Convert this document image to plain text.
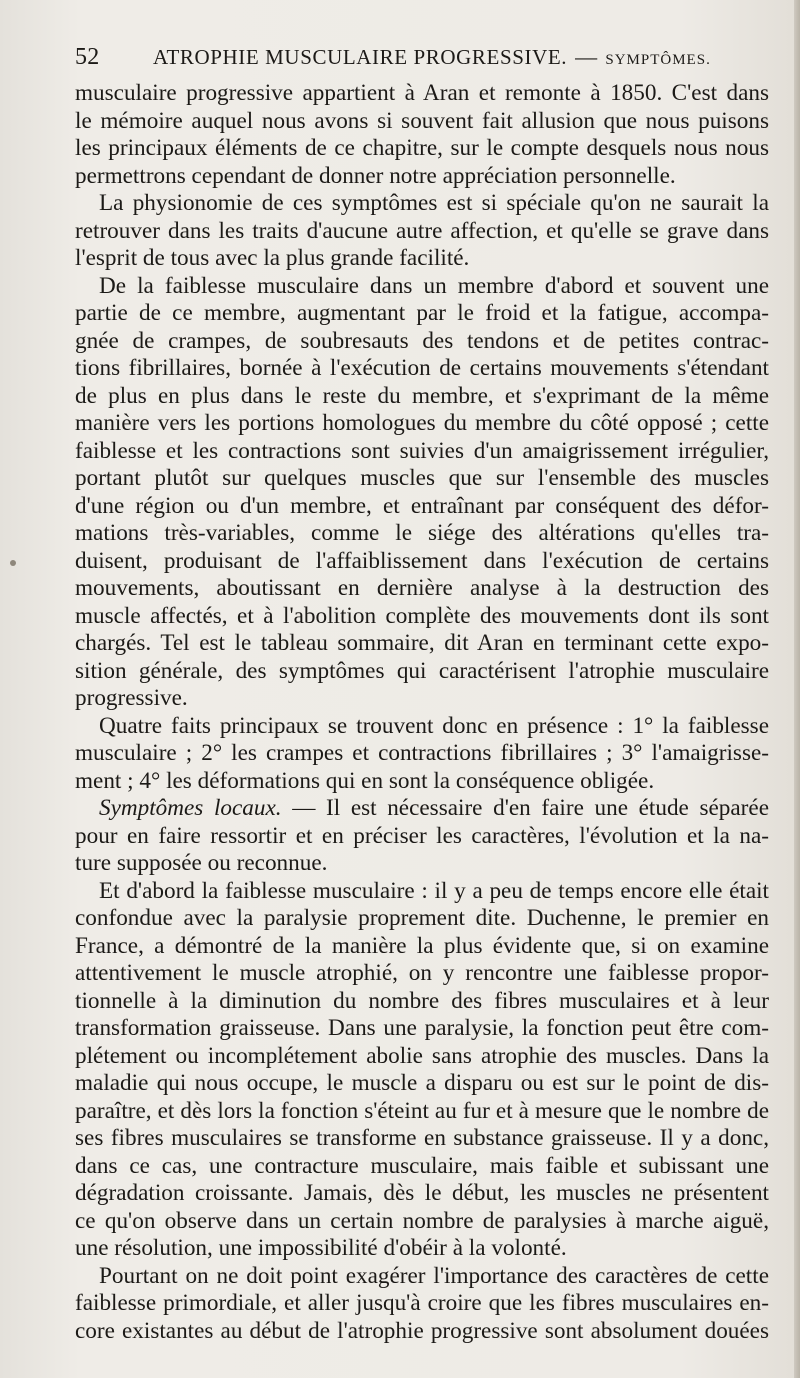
52	ATROPHIE MUSCULAIRE PROGRESSIVE. — SYMPTÔMES.
musculaire progressive appartient à Aran et remonte à 1850. C'est dans
le mémoire auquel nous avons si souvent fait allusion que nous puisons
les principaux éléments de ce chapitre, sur le compte desquels nous nous
permettrons cependant de donner notre appréciation personnelle.
La physionomie de ces symptômes est si spéciale qu'on ne saurait la
retrouver dans les traits d'aucune autre affection, et qu'elle se grave dans
l'esprit de tous avec la plus grande facilité.
De la faiblesse musculaire dans un membre d'abord et souvent une
partie de ce membre, augmentant par le froid et la fatigue, accompa-
gnée de crampes, de soubresauts des tendons et de petites contrac-
tions fibrillaires, bornée à l'exécution de certains mouvements s'étendant
de plus en plus dans le reste du membre, et s'exprimant de la même
manière vers les portions homologues du membre du côté opposé ; cette
faiblesse et les contractions sont suivies d'un amaigrissement irrégulier,
portant plutôt sur quelques muscles que sur l'ensemble des muscles
d'une région ou d'un membre, et entraînant par conséquent des défor-
mations très-variables, comme le siége des altérations qu'elles tra-
duisent, produisant de l'affaiblissement dans l'exécution de certains
mouvements, aboutissant en dernière analyse à la destruction des
muscle affectés, et à l'abolition complète des mouvements dont ils sont
chargés. Tel est le tableau sommaire, dit Aran en terminant cette expo-
sition générale, des symptômes qui caractérisent l'atrophie musculaire
progressive.
Quatre faits principaux se trouvent donc en présence : 1° la faiblesse
musculaire ; 2° les crampes et contractions fibrillaires ; 3° l'amaigrisse-
ment ; 4° les déformations qui en sont la conséquence obligée.
Symptômes locaux. — Il est nécessaire d'en faire une étude séparée
pour en faire ressortir et en préciser les caractères, l'évolution et la na-
ture supposée ou reconnue.
Et d'abord la faiblesse musculaire : il y a peu de temps encore elle était
confondue avec la paralysie proprement dite. Duchenne, le premier en
France, a démontré de la manière la plus évidente que, si on examine
attentivement le muscle atrophié, on y rencontre une faiblesse propor-
tionnelle à la diminution du nombre des fibres musculaires et à leur
transformation graisseuse. Dans une paralysie, la fonction peut être com-
plétement ou incomplétement abolie sans atrophie des muscles. Dans la
maladie qui nous occupe, le muscle a disparu ou est sur le point de dis-
paraître, et dès lors la fonction s'éteint au fur et à mesure que le nombre de
ses fibres musculaires se transforme en substance graisseuse. Il y a donc,
dans ce cas, une contracture musculaire, mais faible et subissant une
dégradation croissante. Jamais, dès le début, les muscles ne présentent
ce qu'on observe dans un certain nombre de paralysies à marche aiguë,
une résolution, une impossibilité d'obéir à la volonté.
Pourtant on ne doit point exagérer l'importance des caractères de cette
faiblesse primordiale, et aller jusqu'à croire que les fibres musculaires en-
core existantes au début de l'atrophie progressive sont absolument douées
